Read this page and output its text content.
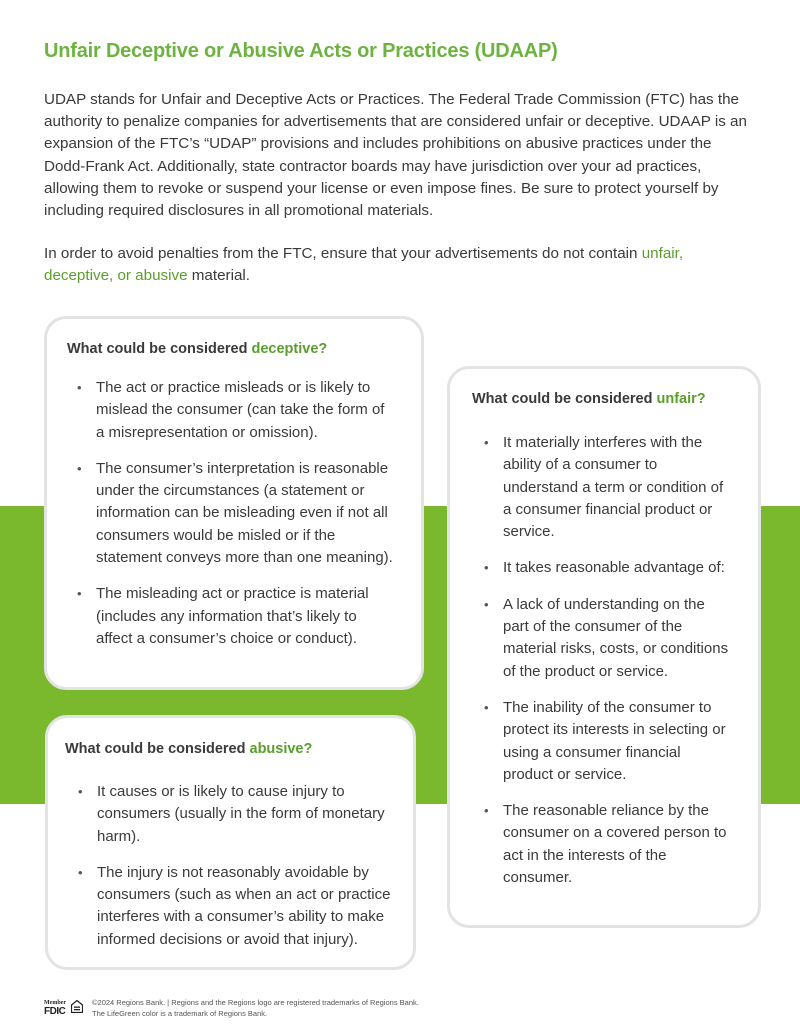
Unfair Deceptive or Abusive Acts or Practices (UDAAP)

UDAP stands for Unfair and Deceptive Acts or Practices. The Federal Trade Commission (FTC) has the authority to penalize companies for advertisements that are considered unfair or deceptive. UDAAP is an expansion of the FTC’s “UDAP” provisions and includes prohibitions on abusive practices under the Dodd-Frank Act. Additionally, state contractor boards may have jurisdiction over your ad practices, allowing them to revoke or suspend your license or even impose fines. Be sure to protect yourself by including required disclosures in all promotional materials.

In order to avoid penalties from the FTC, ensure that your advertisements do not contain unfair, deceptive, or abusive material.

What could be considered deceptive?
• The act or practice misleads or is likely to mislead the consumer (can take the form of a misrepresentation or omission).
• The consumer’s interpretation is reasonable under the circumstances (a statement or information can be misleading even if not all consumers would be misled or if the statement conveys more than one meaning).
• The misleading act or practice is material (includes any information that’s likely to affect a consumer’s choice or conduct).
What could be considered unfair?
• It materially interferes with the ability of a consumer to understand a term or condition of a consumer financial product or service.
• It takes reasonable advantage of:
• A lack of understanding on the part of the consumer of the material risks, costs, or conditions of the product or service.
• The inability of the consumer to protect its interests in selecting or using a consumer financial product or service.
• The reasonable reliance by the consumer on a covered person to act in the interests of the consumer.
What could be considered abusive?
• It causes or is likely to cause injury to consumers (usually in the form of monetary harm).
• The injury is not reasonably avoidable by consumers (such as when an act or practice interferes with a consumer’s ability to make informed decisions or avoid that injury).
Member
FDIC
©2024 Regions Bank. | Regions and the Regions logo are registered trademarks of Regions Bank.
The LifeGreen color is a trademark of Regions Bank.
